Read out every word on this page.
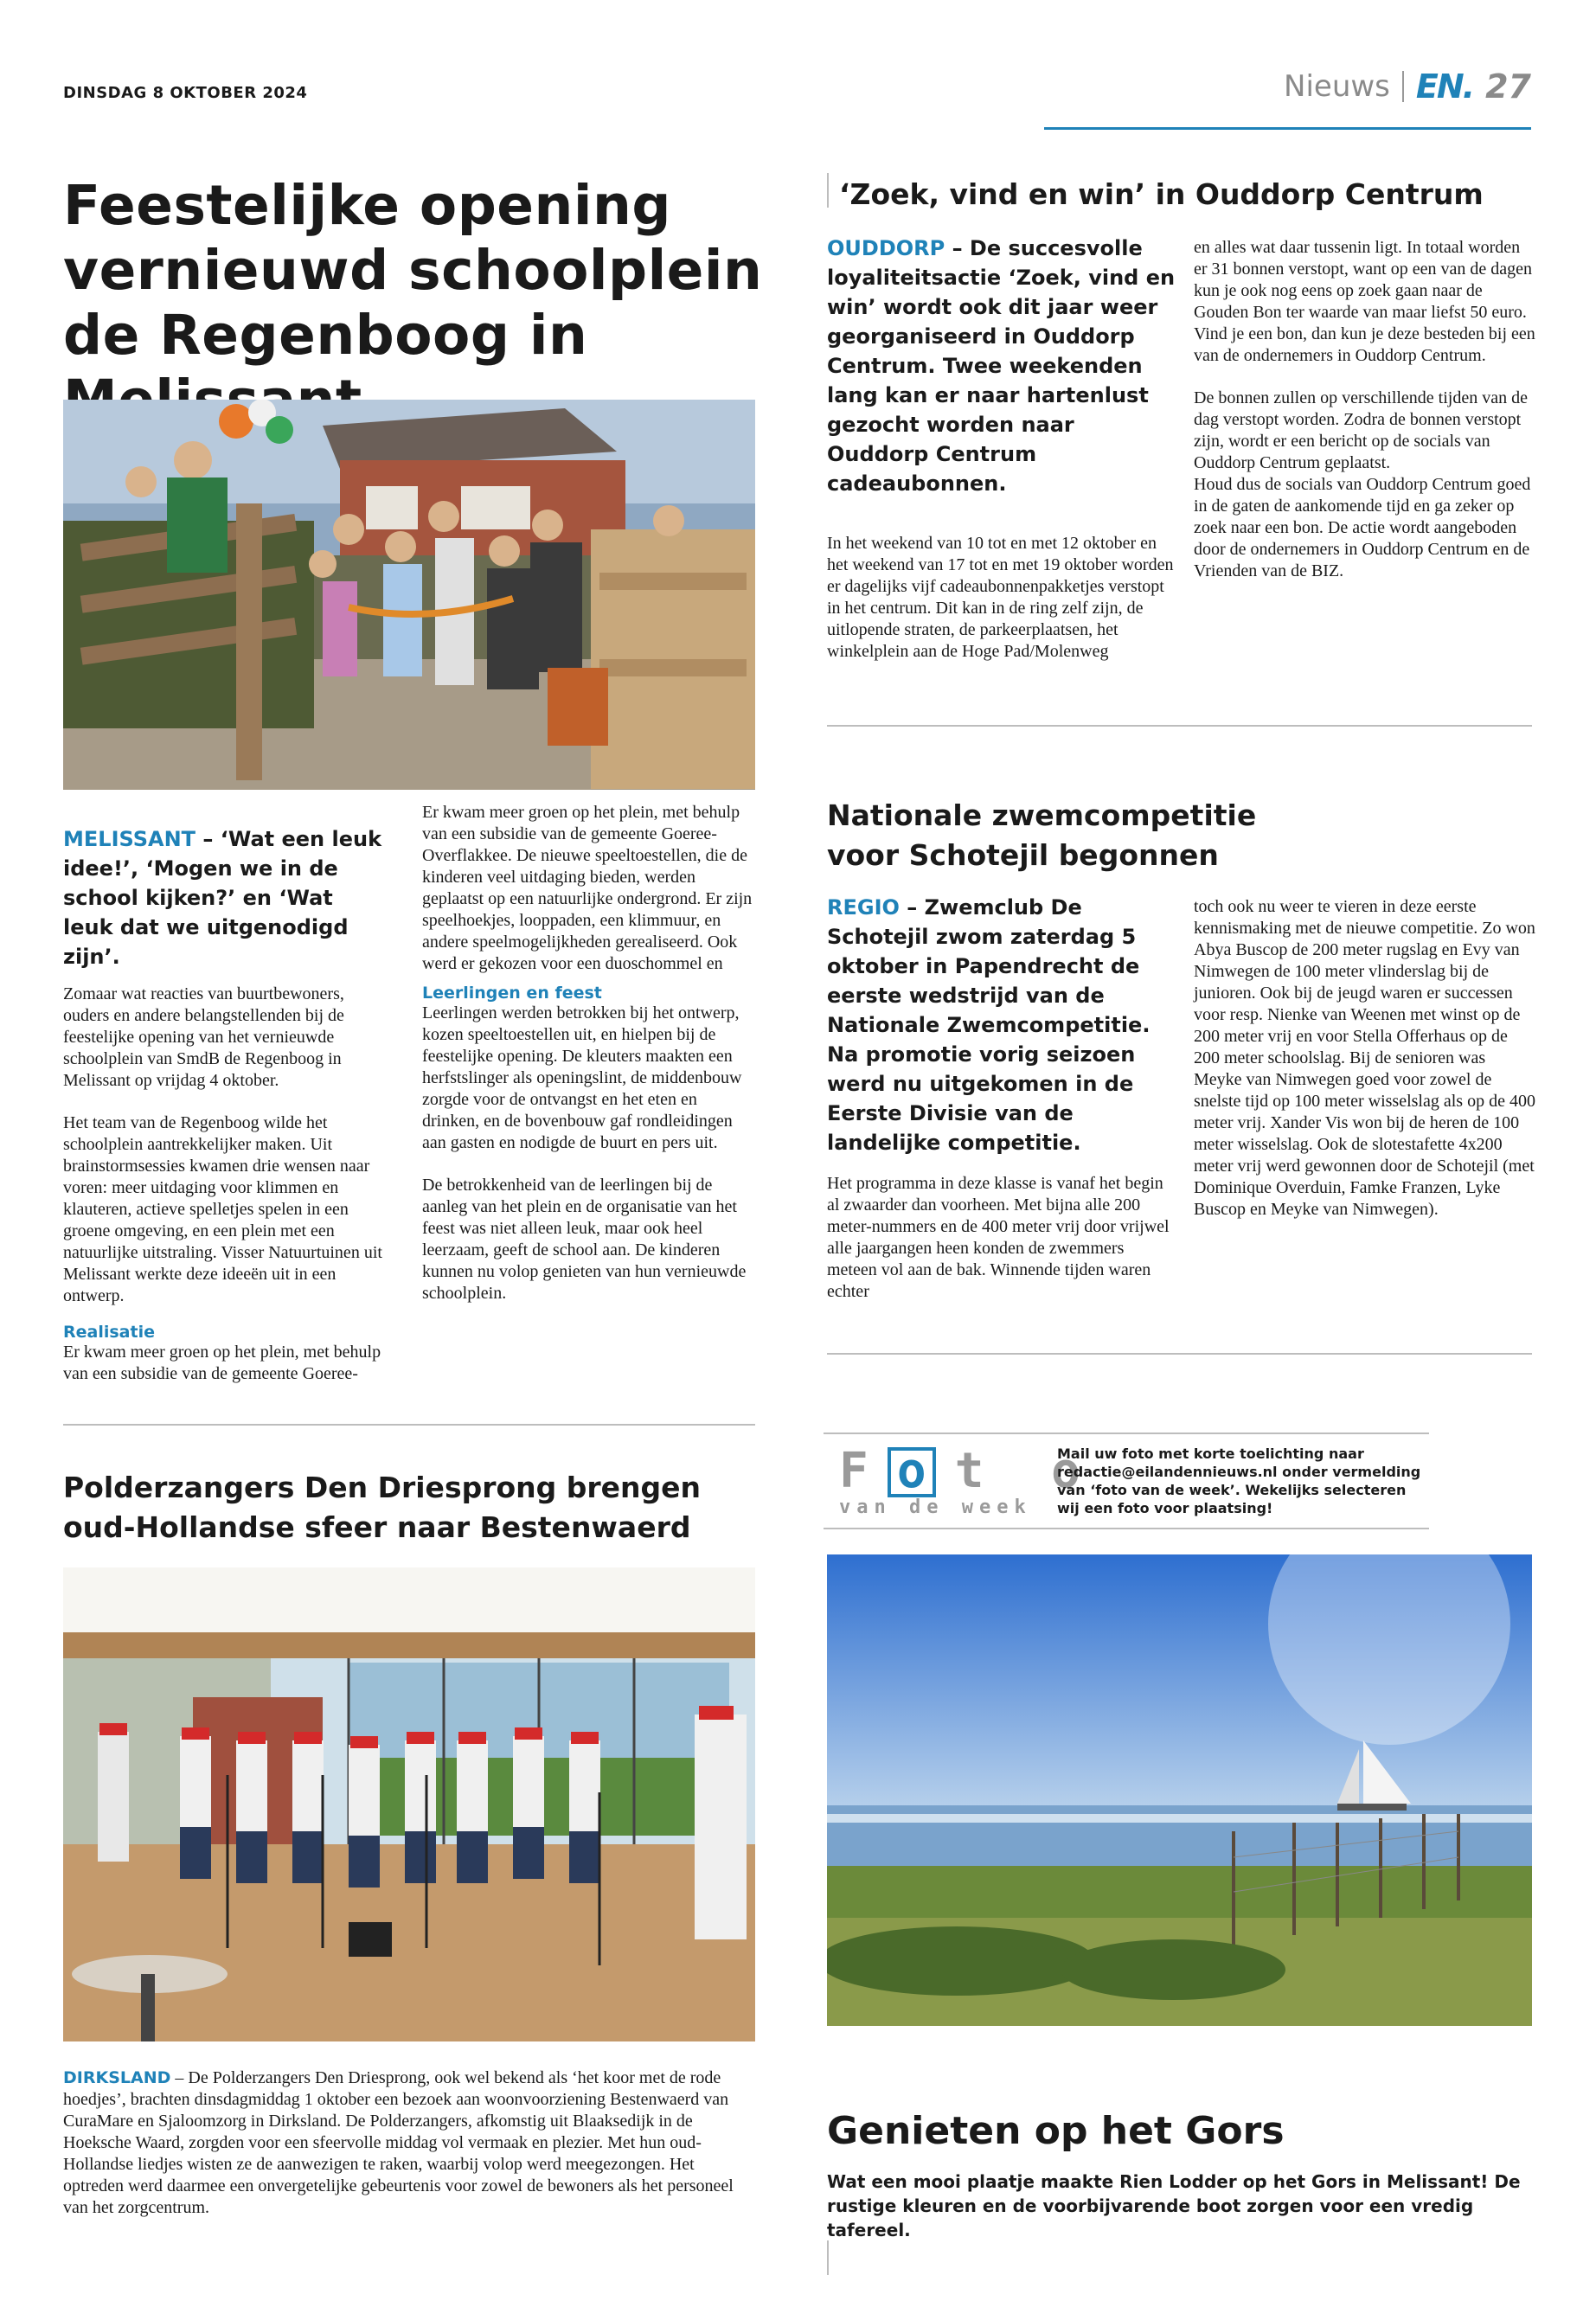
DINSDAG 8 OKTOBER 2024	Nieuws EN. 27
Feestelijke opening vernieuwd schoolplein de Regenboog in

MELISSANT – ‘Wat een leuk idee!’, ‘Mogen we in de school kijken?’ en ‘Wat leuk dat we uitgenodigd zijn’.

Zomaar wat reacties van buurtbewoners, ouders en andere belangstellenden bij de feestelijke opening van het vernieuwde schoolplein van SmdB de Regenboog in Melissant op vrijdag 4 oktober.

Het team van de Regenboog wilde het schoolplein aantrekkelijker maken. Uit brainstormsessies kwamen drie wensen naar voren: meer uitdaging voor klimmen en klauteren, actieve spelletjes spelen in een groene omgeving, en een plein met een natuurlijke uitstraling. Visser Natuurtuinen uit Melissant werkte deze ideeën uit in een ontwerp.

Realisatie

Er kwam meer groen op het plein, met behulp van een subsidie van de gemeente Goeree-

Er kwam meer groen op het plein, met behulp van een subsidie van de gemeente Goeree-Overflakkee. De nieuwe speeltoestellen, die de kinderen veel uitdaging bieden, werden geplaatst op een natuurlijke ondergrond. Er zijn speelhoekjes, looppaden, een klimmuur, en andere speelmogelijkheden gerealiseerd. Ook werd er gekozen voor een duoschommel en

Leerlingen en feest

Leerlingen werden betrokken bij het ontwerp, kozen speeltoestellen uit, en hielpen bij de feestelijke opening. De kleuters maakten een herfstslinger als openingslint, de middenbouw zorgde voor de ontvangst en het eten en drinken, en de bovenbouw gaf rondleidingen aan gasten en nodigde de buurt en pers uit.

De betrokkenheid van de leerlingen bij de aanleg van het plein en de organisatie van het feest was niet alleen leuk, maar ook heel leerzaam, geeft de school aan. De kinderen kunnen nu volop genieten van hun vernieuwde schoolplein.

‘Zoek, vind en win’ in Ouddorp Centrum

OUDDORP – De succesvolle loyaliteitsactie ‘Zoek, vind en win’ wordt ook dit jaar weer georganiseerd in Ouddorp Centrum. Twee weekenden lang kan er naar hartenlust gezocht worden naar Ouddorp Centrum cadeaubonnen.

In het weekend van 10 tot en met 12 oktober en het weekend van 17 tot en met 19 oktober worden er dagelijks vijf cadeaubonnenpakketjes verstopt in het centrum. Dit kan in de ring zelf zijn, de uitlopende straten, de parkeerplaatsen, het winkelplein aan de Hoge Pad/Molenweg

en alles wat daar tussenin ligt. In totaal worden er 31 bonnen verstopt, want op een van de dagen kun je ook nog eens op zoek gaan naar de Gouden Bon ter waarde van maar liefst 50 euro. Vind je een bon, dan kun je deze besteden bij een van de ondernemers in Ouddorp Centrum.

De bonnen zullen op verschillende tijden van de dag verstopt worden. Zodra de bonnen verstopt zijn, wordt er een bericht op de socials van Ouddorp Centrum geplaatst.

Houd dus de socials van Ouddorp Centrum goed in de gaten de aankomende tijd en ga zeker op zoek naar een bon. De actie wordt aangeboden door de ondernemers in Ouddorp Centrum en de Vrienden van de BIZ.

Nationale zwemcompetitie voor Schotejil begonnen

REGIO – Zwemclub De Schotejil zwom zaterdag 5 oktober in Papendrecht de eerste wedstrijd van de Nationale Zwemcompetitie. Na promotie vorig seizoen werd nu uitgekomen in de Eerste Divisie van de landelijke competitie.

Het programma in deze klasse is vanaf het begin al zwaarder dan voorheen. Met bijna alle 200 meter-nummers en de 400 meter vrij door vrijwel alle jaargangen heen konden de zwemmers meteen vol aan de bak. Winnende tijden waren echter

toch ook nu weer te vieren in deze eerste kennismaking met de nieuwe competitie. Zo won Abya Buscop de 200 meter rugslag en Evy van Nimwegen de 100 meter vlinderslag bij de junioren. Ook bij de jeugd waren er successen voor resp. Nienke van Weenen met winst op de 200 meter vrij en voor Stella Offerhaus op de 200 meter schoolslag. Bij de senioren was Meyke van Nimwegen goed voor zowel de snelste tijd op 100 meter wisselslag als op de 400 meter vrij. Xander Vis won bij de heren de 100 meter wisselslag. Ook de slotestafette 4x200 meter vrij werd gewonnen door de Schotejil (met Dominique Overduin, Famke Franzen, Lyke Buscop en Meyke van Nimwegen).

Polderzangers Den Driesprong brengen oud-Hollandse sfeer naar Bestenwaerd

DIRKSLAND – De Polderzangers Den Driesprong, ook wel bekend als ‘het koor met de rode hoedjes’, brachten dinsdagmiddag 1 oktober een bezoek aan woonvoorziening Bestenwaerd van CuraMare en Sjaloomzorg in Dirksland. De Polderzangers, afkomstig uit Blaaksedijk in de Hoeksche Waard, zorgden voor een sfeervolle middag vol vermaak en plezier. Met hun oud-Hollandse liedjes wisten ze de aanwezigen te raken, waarbij volop werd meegezongen. Het optreden werd daarmee een onvergetelijke gebeurtenis voor zowel de bewoners als het personeel van het zorgcentrum.

F o t o
van de week
Mail uw foto met korte toelichting naar redactie@eilandennieuws.nl onder vermelding van ‘foto van de week’. Wekelijks selecteren wij een foto voor plaatsing!
Genieten op het Gors

Wat een mooi plaatje maakte Rien Lodder op het Gors in Melissant! De rustige kleuren en de voorbijvarende boot zorgen voor een vredig tafereel.
